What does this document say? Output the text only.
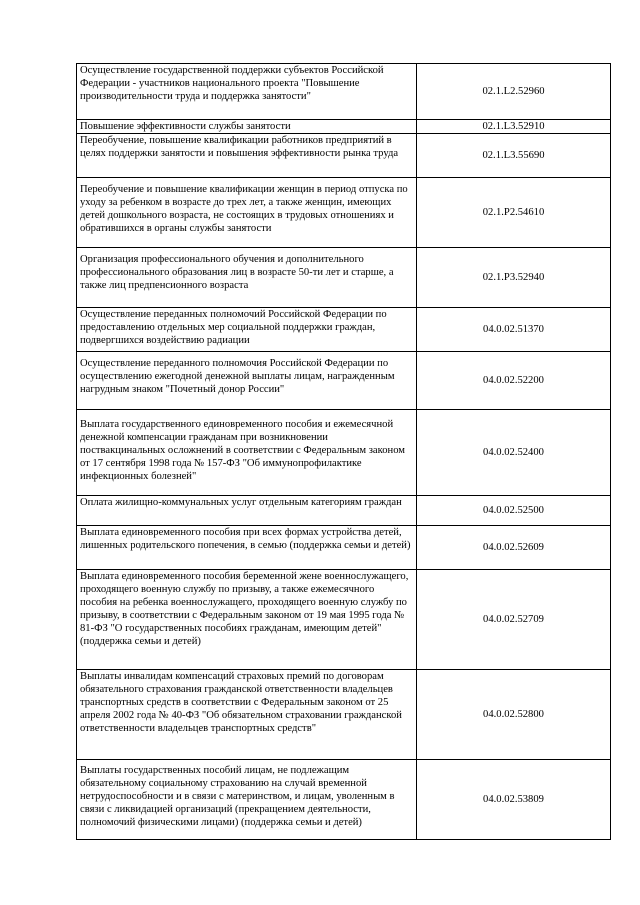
Осуществление государственной поддержки субъектов Российской Федерации - участников национального проекта "Повышение производительности труда и поддержка занятости"	02.1.L2.52960

Повышение эффективности службы занятости	02.1.L3.52910

Переобучение, повышение квалификации работников предприятий в целях поддержки занятости и повышения эффективности рынка труда	02.1.L3.55690

Переобучение и повышение квалификации женщин в период отпуска по уходу за ребенком в возрасте до трех лет, а также женщин, имеющих детей дошкольного возраста, не состоящих в трудовых отношениях и обратившихся в органы службы занятости	02.1.P2.54610

Организация профессионального обучения и дополнительного профессионального образования лиц в возрасте 50-ти лет и старше, а также лиц предпенсионного возраста	02.1.P3.52940

Осуществление переданных полномочий Российской Федерации по предоставлению отдельных мер социальной поддержки граждан, подвергшихся воздействию радиации	04.0.02.51370

Осуществление переданного полномочия Российской Федерации по осуществлению ежегодной денежной выплаты лицам, награжденным нагрудным знаком "Почетный донор России"	04.0.02.52200

Выплата государственного единовременного пособия и ежемесячной денежной компенсации гражданам при возникновении поствакцинальных осложнений в соответствии с Федеральным законом от 17 сентября 1998 года № 157-ФЗ "Об иммунопрофилактике инфекционных болезней"	04.0.02.52400

Оплата жилищно-коммунальных услуг отдельным категориям граждан	04.0.02.52500

Выплата единовременного пособия при всех формах устройства детей, лишенных родительского попечения, в семью (поддержка семьи и детей)	04.0.02.52609

Выплата единовременного пособия беременной жене военнослужащего, проходящего военную службу по призыву, а также ежемесячного пособия на ребенка военнослужащего, проходящего военную службу по призыву, в соответствии с Федеральным законом от 19 мая 1995 года № 81-ФЗ "О государственных пособиях гражданам, имеющим детей" (поддержка семьи и детей)	04.0.02.52709

Выплаты инвалидам компенсаций страховых премий по договорам обязательного страхования гражданской ответственности владельцев транспортных средств в соответствии с Федеральным законом от 25 апреля 2002 года № 40-ФЗ "Об обязательном страховании гражданской ответственности владельцев транспортных средств"	04.0.02.52800

Выплаты государственных пособий лицам, не подлежащим обязательному социальному страхованию на случай временной нетрудоспособности и в связи с материнством, и лицам, уволенным в связи с ликвидацией организаций (прекращением деятельности, полномочий физическими лицами) (поддержка семьи и детей)	04.0.02.53809
